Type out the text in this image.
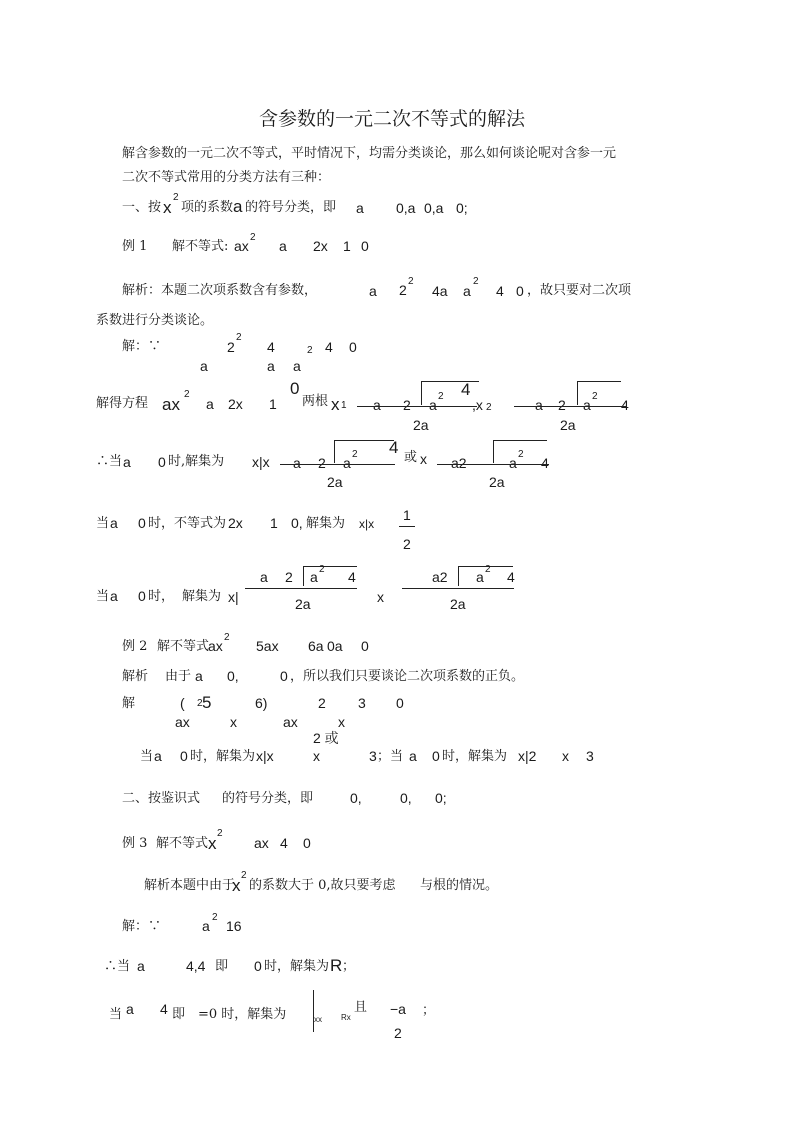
含参数的一元二次不等式的解法
解含参数的一元二次不等式，平时情况下，均需分类谈论，那么如何谈论呢对含参一元
二次不等式常用的分类方法有三种：
一、按 x
2
项的系数 a 的符号分类，即 a 0,a 0,a 0;
例 1 解不等式: ax
2
a 2x 1 0
解析：本题二次项系数含有参数，	a 2
2
4a a
2
4 0 ，故只要对二次项
系数进行分类谈论。
解：∵	2
2
4	2 4 0
a	a a
解得方程 ax
2
a 2x 1
0
两根 x 1 a 2 a
2 4
2a
,x 2	a 2 a
2
4
2a
∴当 a 0 时,解集为 x|x a 2 a
2 4
2a
或 x a2	a
2
4
2a
当 a 0 时，不等式为 2x 1 0, 解集为 x|x
1
2
当 a 0 时， 解集为 x|
a 2 a 2 4
2a	x
a2 a 2 4
2a
例 2 解不等式
ax
2
5ax 6a 0a 0
解析 由于 a 0,	0 ，所以我们只要谈论二次项系数的正负。
解	( 2 5	6)	2 3 0
ax	x	ax	x
2 或
当 a 0 时，解集为 x|x	x	3 ；当 a 0 时，解集为 x|2 x 3
二、按鉴识式 的符号分类，即	0,	0, 0;
例 3 解不等式 x
2
ax 4 0
解析本题中由于
x
2
的系数大于 0,故只要考虑 与根的情况。
解：∵	a
2
16
∴当 a	4,4 即 0 时，解集为 R ；
当 a 4 即 =0 时，解集为	xx Rx
且 −a
2
；
